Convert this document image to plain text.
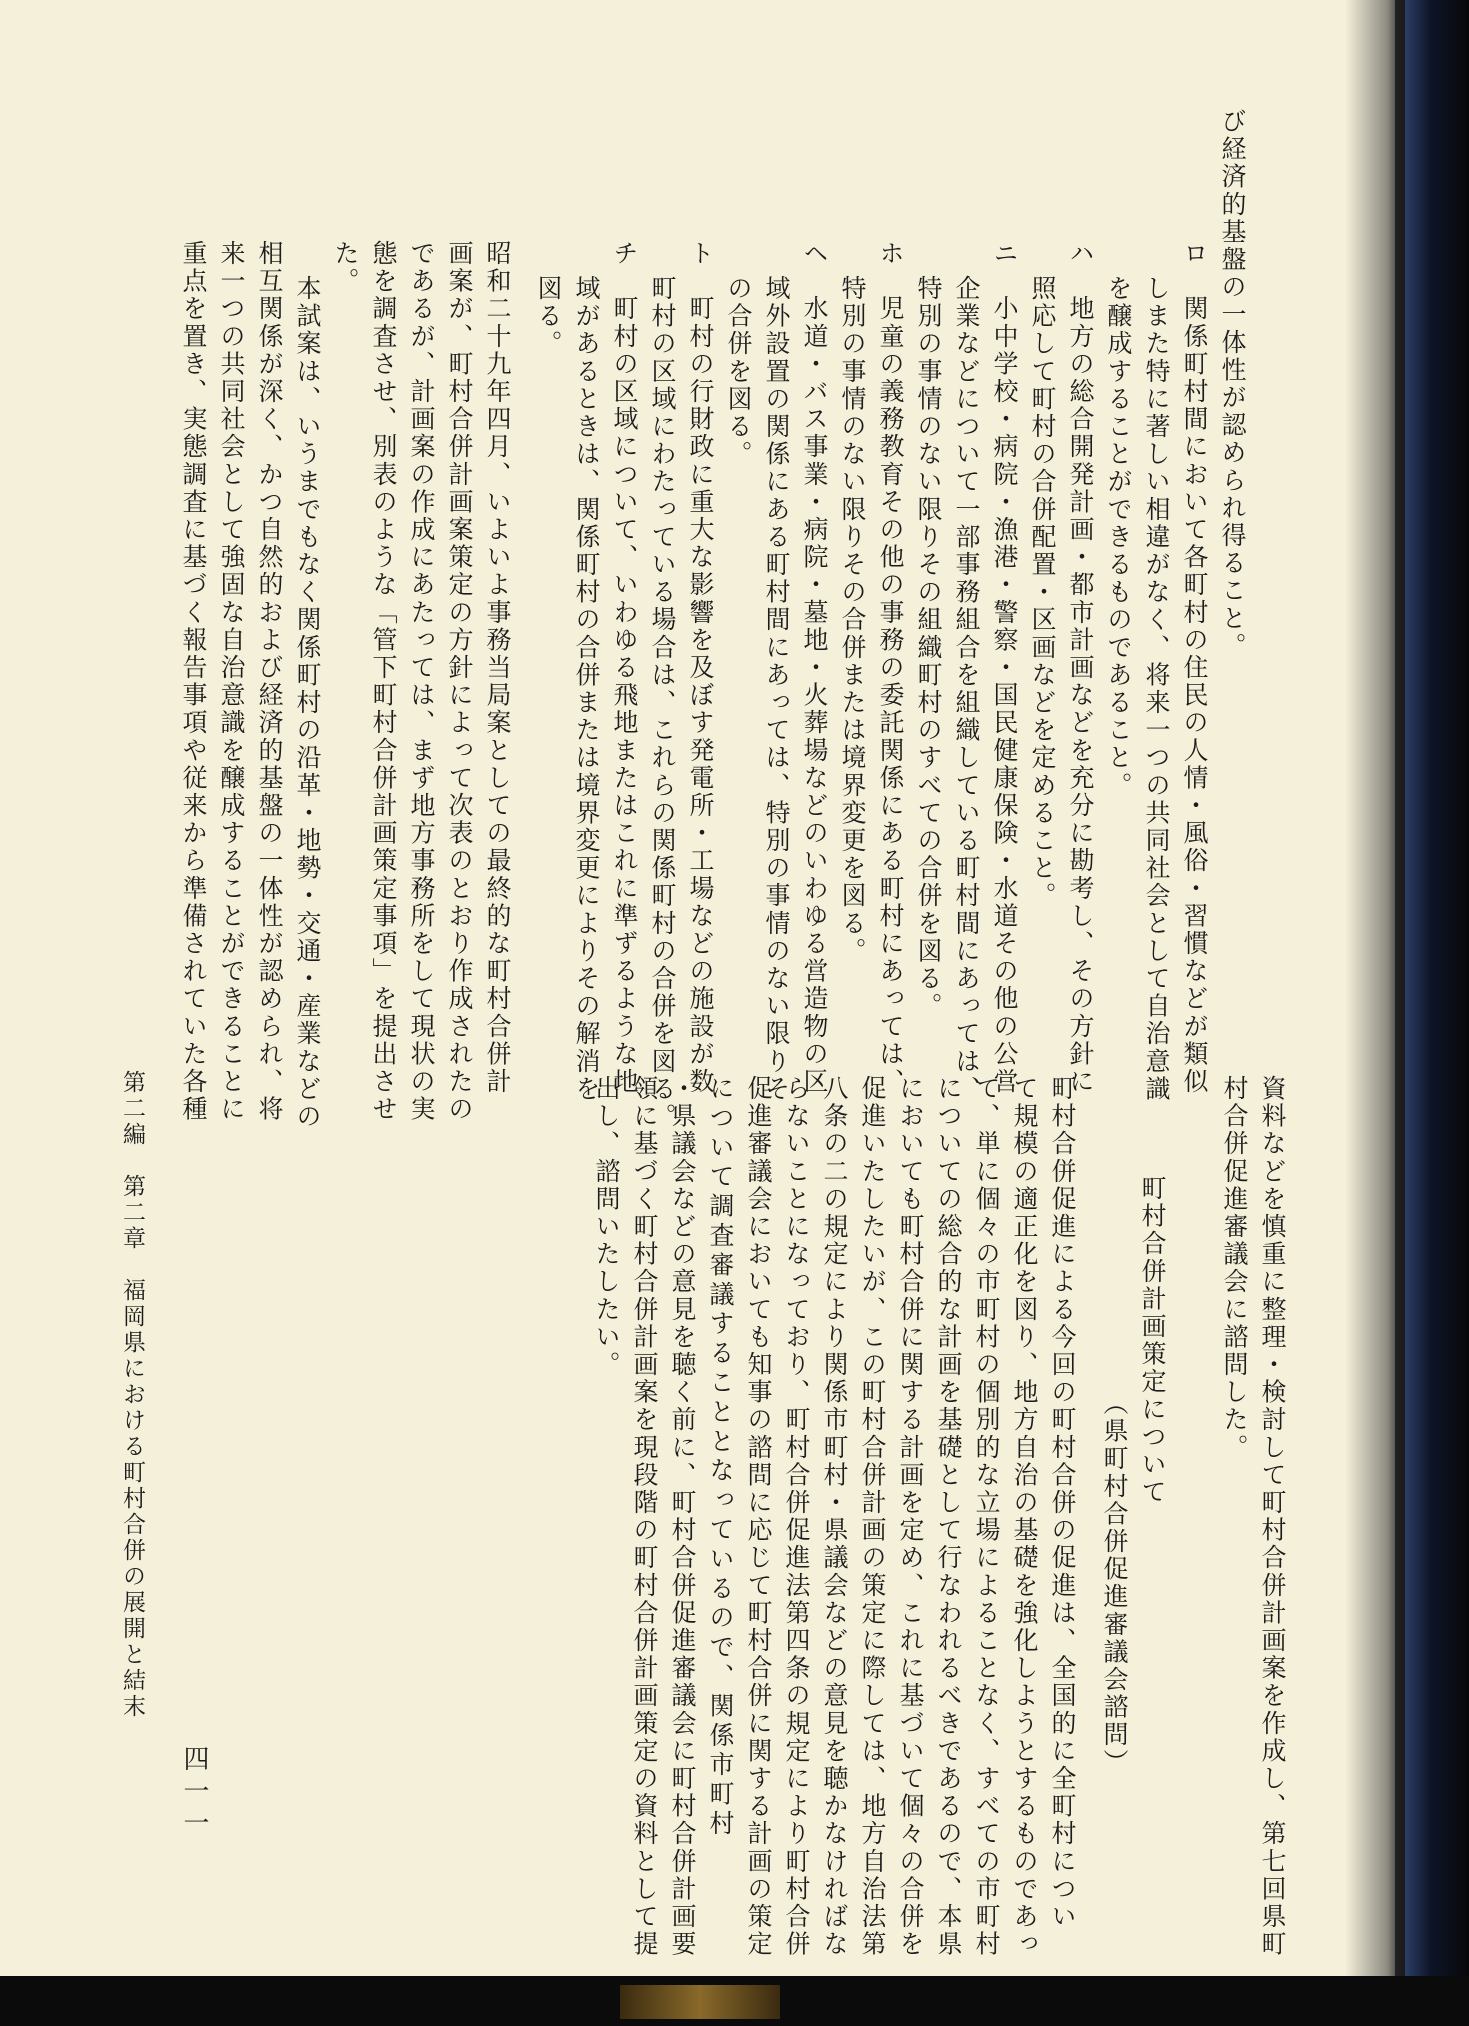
び経済的基盤の一体性が認められ得ること。
ロ　関係町村間において各町村の住民の人情・風俗・習慣などが類似
しまた特に著しい相違がなく、将来一つの共同社会として自治意識
を醸成することができるものであること。
ハ　地方の総合開発計画・都市計画などを充分に勘考し、その方針に
照応して町村の合併配置・区画などを定めること。
ニ　小中学校・病院・漁港・警察・国民健康保険・水道その他の公営
企業などについて一部事務組合を組織している町村間にあっては、
特別の事情のない限りその組織町村のすべての合併を図る。
ホ　児童の義務教育その他の事務の委託関係にある町村にあっては、
特別の事情のない限りその合併または境界変更を図る。
ヘ　水道・バス事業・病院・墓地・火葬場などのいわゆる営造物の区
域外設置の関係にある町村間にあっては、特別の事情のない限りそ
の合併を図る。
ト　町村の行財政に重大な影響を及ぼす発電所・工場などの施設が数
町村の区域にわたっている場合は、これらの関係町村の合併を図る。
チ　町村の区域について、いわゆる飛地またはこれに準ずるような地
域があるときは、関係町村の合併または境界変更によりその解消を
図る。
昭和二十九年四月、いよいよ事務当局案としての最終的な町村合併計
画案が、町村合併計画案策定の方針によって次表のとおり作成されたの
であるが、計画案の作成にあたっては、まず地方事務所をして現状の実
態を調査させ、別表のような「管下町村合併計画策定事項」を提出させ
た。
本試案は、いうまでもなく関係町村の沿革・地勢・交通・産業などの
相互関係が深く、かつ自然的および経済的基盤の一体性が認められ、将
来一つの共同社会として強固な自治意識を醸成することができることに
重点を置き、実態調査に基づく報告事項や従来から準備されていた各種
資料などを慎重に整理・検討して町村合併計画案を作成し、第七回県町
村合併促進審議会に諮問した。
町村合併計画策定について
（県町村合併促進審議会諮問）
町村合併促進による今回の町村合併の促進は、全国的に全町村につい
て規模の適正化を図り、地方自治の基礎を強化しようとするものであっ
て、単に個々の市町村の個別的な立場によることなく、すべての市町村
についての総合的な計画を基礎として行なわれるべきであるので、本県
においても町村合併に関する計画を定め、これに基づいて個々の合併を
促進いたしたいが、この町村合併計画の策定に際しては、地方自治法第
八条の二の規定により関係市町村・県議会などの意見を聴かなければな
らないことになっており、町村合併促進法第四条の規定により町村合併
促進審議会においても知事の諮問に応じて町村合併に関する計画の策定
について調査審議することとなっているので、関係市町村
・県議会などの意見を聴く前に、町村合併促進審議会に町村合併計画要
領に基づく町村合併計画案を現段階の町村合併計画策定の資料として提
出し、諮問いたしたい。
第二編　第二章　福岡県における町村合併の展開と結末
四一一
